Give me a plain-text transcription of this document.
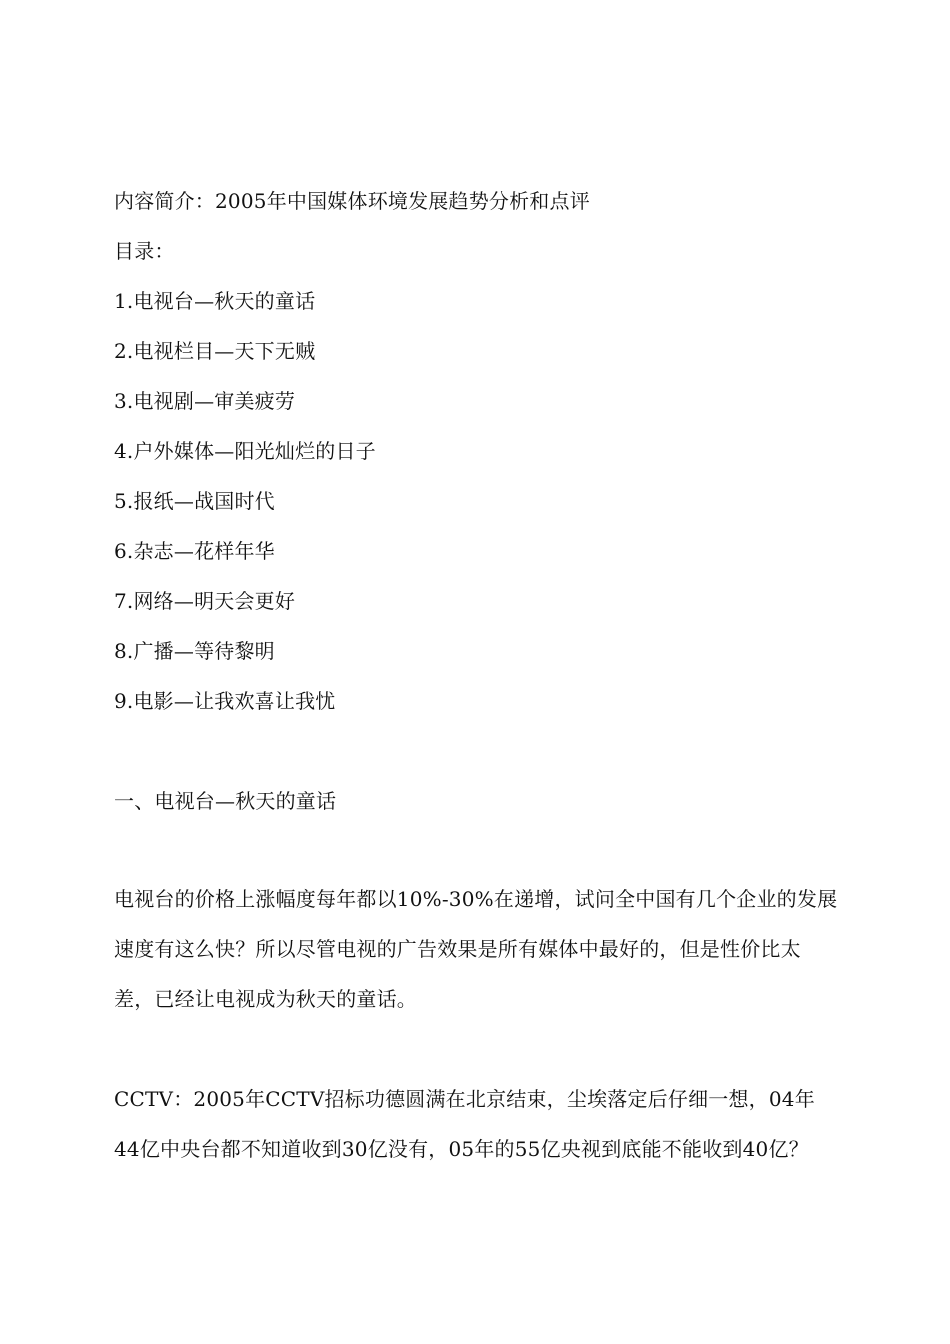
内容简介：2005年中国媒体环境发展趋势分析和点评
目录：
1.电视台—秋天的童话
2.电视栏目—天下无贼
3.电视剧—审美疲劳
4.户外媒体—阳光灿烂的日子
5.报纸—战国时代
6.杂志—花样年华
7.网络—明天会更好
8.广播—等待黎明
9.电影—让我欢喜让我忧
一、电视台—秋天的童话
电视台的价格上涨幅度每年都以10%-30%在递增，试问全中国有几个企业的发展速度有这么快？所以尽管电视的广告效果是所有媒体中最好的，但是性价比太差，已经让电视成为秋天的童话。
CCTV：2005年CCTV招标功德圆满在北京结束，尘埃落定后仔细一想，04年44亿中央台都不知道收到30亿没有，05年的55亿央视到底能不能收到40亿？
